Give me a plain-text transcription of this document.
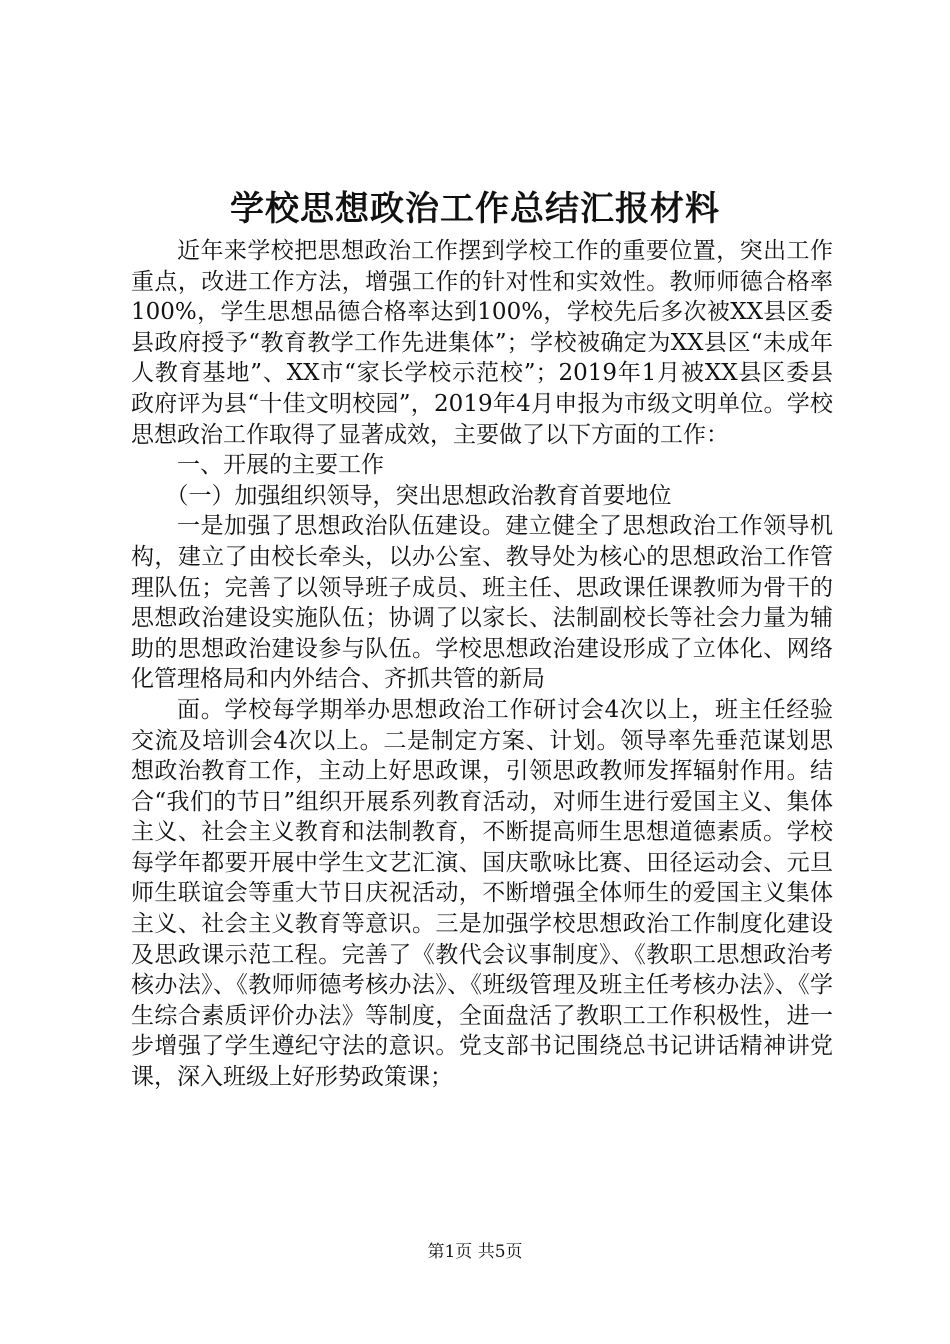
学校思想政治工作总结汇报材料

近年来学校把思想政治工作摆到学校工作的重要位置，突出工作重点，改进工作方法，增强工作的针对性和实效性。教师师德合格率100%，学生思想品德合格率达到100%，学校先后多次被XX县区委县政府授予“教育教学工作先进集体”；学校被确定为XX县区“未成年人教育基地”、XX市“家长学校示范校”；2019年1月被XX县区委县政府评为县“十佳文明校园”，2019年4月申报为市级文明单位。学校思想政治工作取得了显著成效，主要做了以下方面的工作：

一、开展的主要工作

（一）加强组织领导，突出思想政治教育首要地位

一是加强了思想政治队伍建设。建立健全了思想政治工作领导机构，建立了由校长牵头，以办公室、教导处为核心的思想政治工作管理队伍；完善了以领导班子成员、班主任、思政课任课教师为骨干的思想政治建设实施队伍；协调了以家长、法制副校长等社会力量为辅助的思想政治建设参与队伍。学校思想政治建设形成了立体化、网络化管理格局和内外结合、齐抓共管的新局

面。学校每学期举办思想政治工作研讨会4次以上，班主任经验交流及培训会4次以上。二是制定方案、计划。领导率先垂范谋划思想政治教育工作，主动上好思政课，引领思政教师发挥辐射作用。结合“我们的节日”组织开展系列教育活动，对师生进行爱国主义、集体主义、社会主义教育和法制教育，不断提高师生思想道德素质。学校每学年都要开展中学生文艺汇演、国庆歌咏比赛、田径运动会、元旦师生联谊会等重大节日庆祝活动，不断增强全体师生的爱国主义集体主义、社会主义教育等意识。三是加强学校思想政治工作制度化建设及思政课示范工程。完善了《教代会议事制度》、《教职工思想政治考核办法》、《教师师德考核办法》、《班级管理及班主任考核办法》、《学生综合素质评价办法》等制度，全面盘活了教职工工作积极性，进一步增强了学生遵纪守法的意识。党支部书记围绕总书记讲话精神讲党课，深入班级上好形势政策课；

第1页 共5页
